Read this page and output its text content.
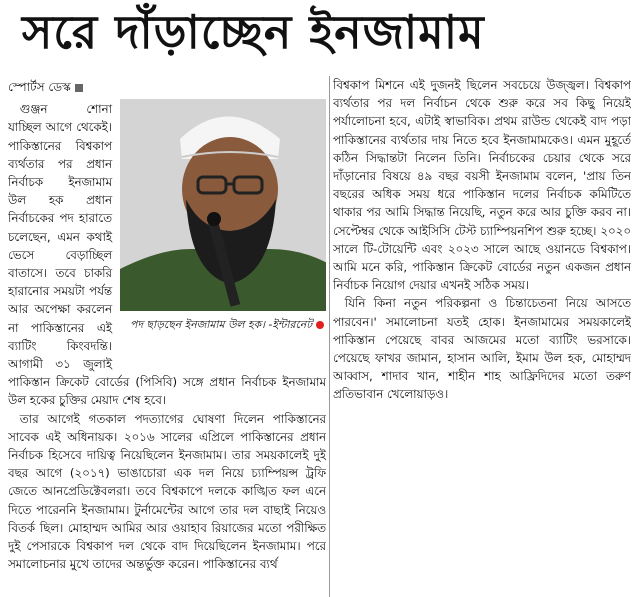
সরে দাঁড়াচ্ছেন ইনজামাম
স্পোর্টস ডেস্ক
পদ ছাড়ছেন ইনজামাম উল হক। -ইন্টারনেট

গুঞ্জন শোনা যাচ্ছিল আগে থেকেই। পাকিস্তানের বিশ্বকাপ ব্যর্থতার পর প্রধান নির্বাচক ইনজামাম উল হক প্রধান নির্বাচকের পদ হারাতে চলেছেন, এমন কথাই ভেসে বেড়াচ্ছিল বাতাসে। তবে চাকরি হারানোর সময়টা পর্যন্ত আর অপেক্ষা করলেন না পাকিস্তানের এই ব্যাটিং কিংবদন্তি। আগামী ৩১ জুলাই পাকিস্তান ক্রিকেট বোর্ডের (পিসিবি) সঙ্গে প্রধান নির্বাচক ইনজামাম উল হকের চুক্তির মেয়াদ শেষ হবে।

তার আগেই গতকাল পদত্যাগের ঘোষণা দিলেন পাকিস্তানের সাবেক এই অধিনায়ক। ২০১৬ সালের এপ্রিলে পাকিস্তানের প্রধান নির্বাচক হিসেবে দায়িত্ব নিয়েছিলেন ইনজামাম। তার সময়কালেই দুই বছর আগে (২০১৭) ভাঙাচোরা এক দল নিয়ে চ্যাম্পিয়ন্স ট্রফি জেতে আনপ্রেডিক্টেবলরা। তবে বিশ্বকাপে দলকে কাঙ্খিত ফল এনে দিতে পারেননি ইনজামাম। টুর্নামেন্টের আগে তার দল বাছাই নিয়েও বিতর্ক ছিল। মোহাম্মদ আমির আর ওয়াহাব রিয়াজের মতো পরীক্ষিত দুই পেসারকে বিশ্বকাপ দল থেকে বাদ দিয়েছিলেন ইনজামাম। পরে সমালোচনার মুখে তাদের অন্তর্ভুক্ত করেন। পাকিস্তানের ব্যর্থ

বিশ্বকাপ মিশনে এই দুজনই ছিলেন সবচেয়ে উজ্জ্বল। বিশ্বকাপ ব্যর্থতার পর দল নির্বাচন থেকে শুরু করে সব কিছু নিয়েই পর্যালোচনা হবে, এটাই স্বাভাবিক। প্রথম রাউন্ড থেকেই বাদ পড়া পাকিস্তানের ব্যর্থতার দায় নিতে হবে ইনজামামকেও। এমন মুহূর্তে কঠিন সিদ্ধান্তটা নিলেন তিনি। নির্বাচকের চেয়ার থেকে সরে দাঁড়ানোর বিষয়ে ৪৯ বছর বয়সী ইনজামাম বলেন, 'প্রায় তিন বছরের অধিক সময় ধরে পাকিস্তান দলের নির্বাচক কমিটিতে থাকার পর আমি সিদ্ধান্ত নিয়েছি, নতুন করে আর চুক্তি করব না। সেপ্টেম্বর থেকে আইসিসি টেস্ট চ্যাম্পিয়নশিপ শুরু হচ্ছে। ২০২০ সালে টি-টোয়েন্টি এবং ২০২৩ সালে আছে ওয়ানডে বিশ্বকাপ। আমি মনে করি, পাকিস্তান ক্রিকেট বোর্ডের নতুন একজন প্রধান নির্বাচক নিয়োগ দেয়ার এখনই সঠিক সময়।

যিনি কিনা নতুন পরিকল্পনা ও চিন্তাচেতনা নিয়ে আসতে পারবেন।' সমালোচনা যতই হোক। ইনজামামের সময়কালেই পাকিস্তান পেয়েছে বাবর আজমের মতো ব্যাটিং ভরসাকে। পেয়েছে ফাখর জামান, হাসান আলি, ইমাম উল হক, মোহাম্মদ আব্বাস, শাদাব খান, শাহীন শাহ আফ্রিদিদের মতো তরুণ প্রতিভাবান খেলোয়াড়ও।
